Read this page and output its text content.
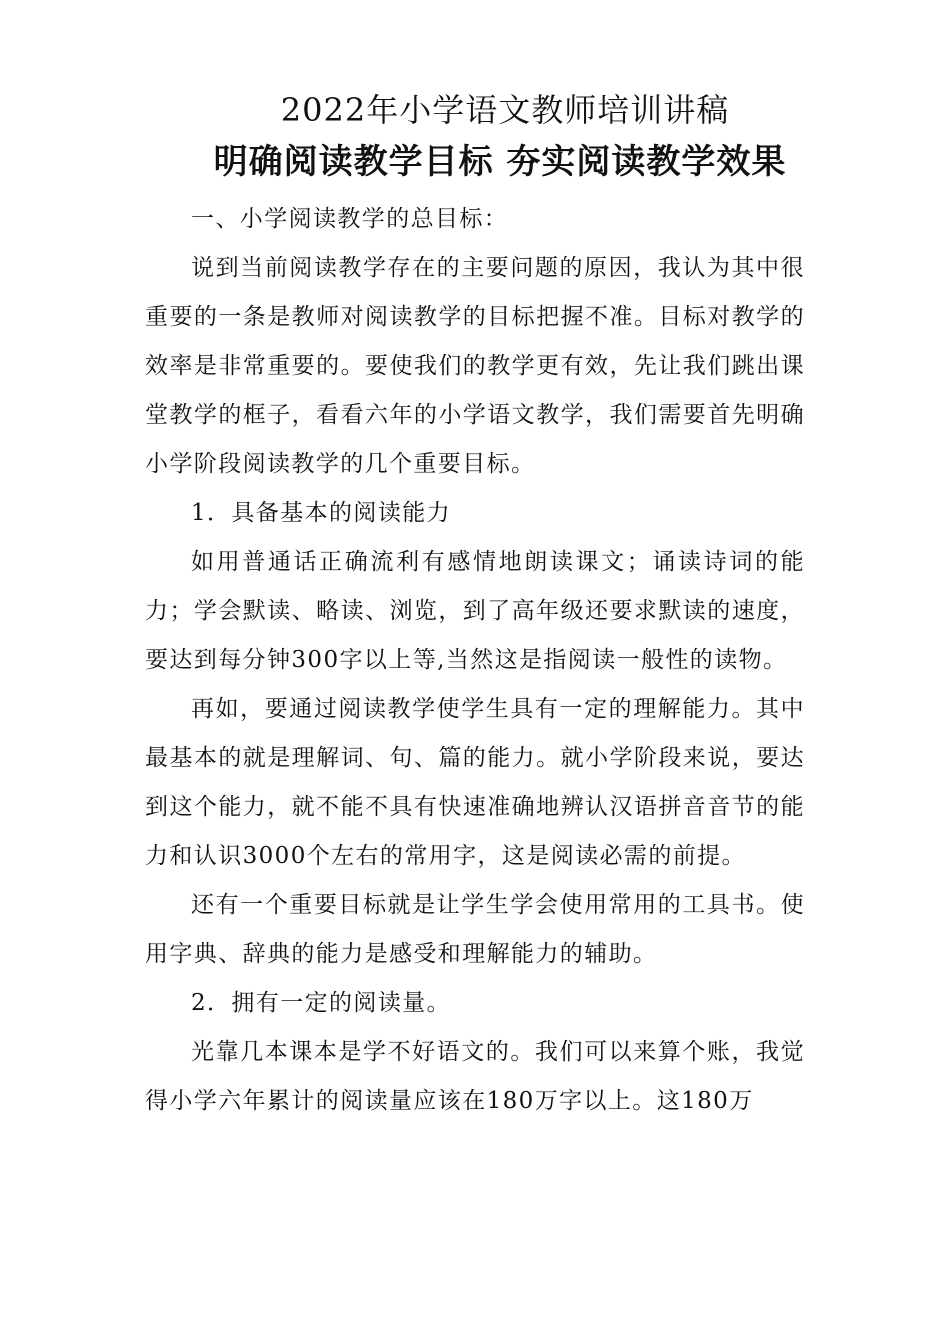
2022年小学语文教师培训讲稿
明确阅读教学目标 夯实阅读教学效果

一、小学阅读教学的总目标：

说到当前阅读教学存在的主要问题的原因，我认为其中很重要的一条是教师对阅读教学的目标把握不准。目标对教学的效率是非常重要的。要使我们的教学更有效，先让我们跳出课堂教学的框子，看看六年的小学语文教学，我们需要首先明确小学阶段阅读教学的几个重要目标。

1．具备基本的阅读能力

如用普通话正确流利有感情地朗读课文；诵读诗词的能力；学会默读、略读、浏览，到了高年级还要求默读的速度，要达到每分钟300字以上等,当然这是指阅读一般性的读物。

再如，要通过阅读教学使学生具有一定的理解能力。其中最基本的就是理解词、句、篇的能力。就小学阶段来说，要达到这个能力，就不能不具有快速准确地辨认汉语拼音音节的能力和认识3000个左右的常用字，这是阅读必需的前提。

还有一个重要目标就是让学生学会使用常用的工具书。使用字典、辞典的能力是感受和理解能力的辅助。

2．拥有一定的阅读量。

光靠几本课本是学不好语文的。我们可以来算个账，我觉得小学六年累计的阅读量应该在180万字以上。这180万
